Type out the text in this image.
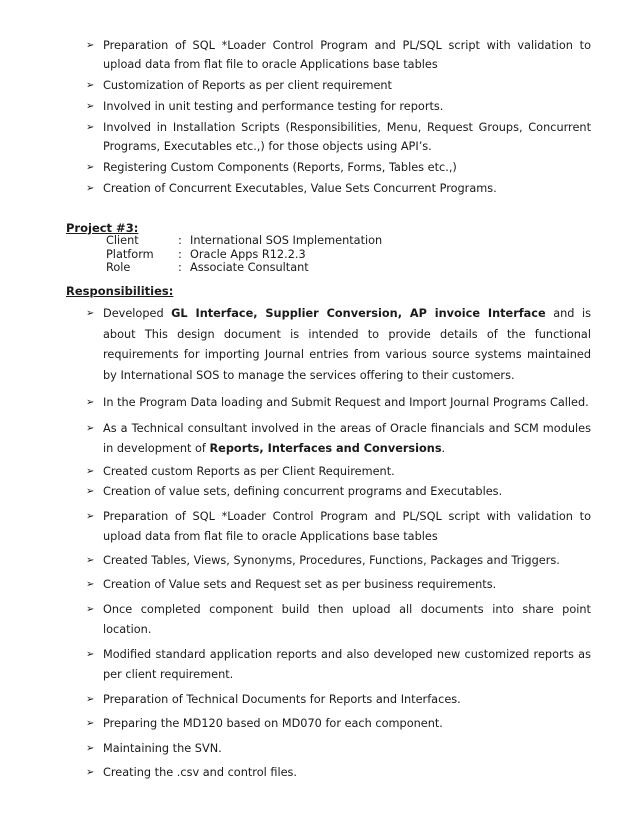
➢ Preparation of SQL *Loader Control Program and PL/SQL script with validation to upload data from flat file to oracle Applications base tables
➢ Customization of Reports as per client requirement
➢ Involved in unit testing and performance testing for reports.
➢ Involved in Installation Scripts (Responsibilities, Menu, Request Groups, Concurrent Programs, Executables etc.,) for those objects using API’s.
➢ Registering Custom Components (Reports, Forms, Tables etc.,)
➢ Creation of Concurrent Executables, Value Sets Concurrent Programs.
Project #3:
Client	: International SOS Implementation
Platform	: Oracle Apps R12.2.3
Role	: Associate Consultant
Responsibilities:
➢ Developed GL Interface, Supplier Conversion, AP invoice Interface and is about This design document is intended to provide details of the functional requirements for importing Journal entries from various source systems maintained by International SOS to manage the services offering to their customers.
➢ In the Program Data loading and Submit Request and Import Journal Programs Called.
➢ As a Technical consultant involved in the areas of Oracle financials and SCM modules in development of Reports, Interfaces and Conversions.
➢ Created custom Reports as per Client Requirement.
➢ Creation of value sets, defining concurrent programs and Executables.
➢ Preparation of SQL *Loader Control Program and PL/SQL script with validation to upload data from flat file to oracle Applications base tables
➢ Created Tables, Views, Synonyms, Procedures, Functions, Packages and Triggers.
➢ Creation of Value sets and Request set as per business requirements.
➢ Once completed component build then upload all documents into share point location.
➢ Modified standard application reports and also developed new customized reports as per client requirement.
➢ Preparation of Technical Documents for Reports and Interfaces.
➢ Preparing the MD120 based on MD070 for each component.
➢ Maintaining the SVN.
➢ Creating the .csv and control files.
